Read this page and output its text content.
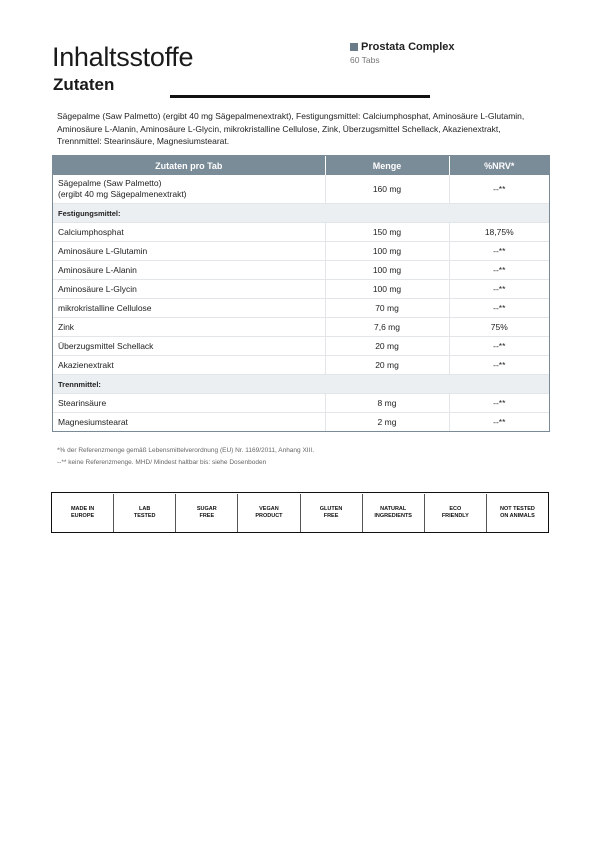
Inhaltsstoffe
Zutaten
Prostata Complex
60 Tabs

Sägepalme (Saw Palmetto) (ergibt 40 mg Sägepalmenextrakt), Festigungsmittel: Calciumphosphat, Aminosäure L-Glutamin, Aminosäure L-Alanin, Aminosäure L-Glycin, mikrokristalline Cellulose, Zink, Überzugsmittel Schellack, Akazienextrakt, Trennmittel: Stearinsäure, Magnesiumstearat.

Zutaten pro Tab	Menge	%NRV*
Sägepalme (Saw Palmetto)
(ergibt 40 mg Sägepalmenextrakt)	160 mg	--**
Festigungsmittel:		
Calciumphosphat	150 mg	18,75%
Aminosäure L-Glutamin	100 mg	--**
Aminosäure L-Alanin	100 mg	--**
Aminosäure L-Glycin	100 mg	--**
mikrokristalline Cellulose	70 mg	--**
Zink	7,6 mg	75%
Überzugsmittel Schellack	20 mg	--**
Akazienextrakt	20 mg	--**
Trennmittel:		
Stearinsäure	8 mg	--**
Magnesiumstearat	2 mg	--**

*% der Referenzmenge gemäß Lebensmittelverordnung (EU) Nr. 1169/2011, Anhang XIII.

--** keine Referenzmenge. MHD/ Mindest haltbar bis: siehe Dosenboden

MADE IN
EUROPE
LAB
TESTED
SUGAR
FREE
VEGAN
PRODUCT
GLUTEN
FREE
NATURAL
INGREDIENTS
ECO
FRIENDLY
NOT TESTED
ON ANIMALS
